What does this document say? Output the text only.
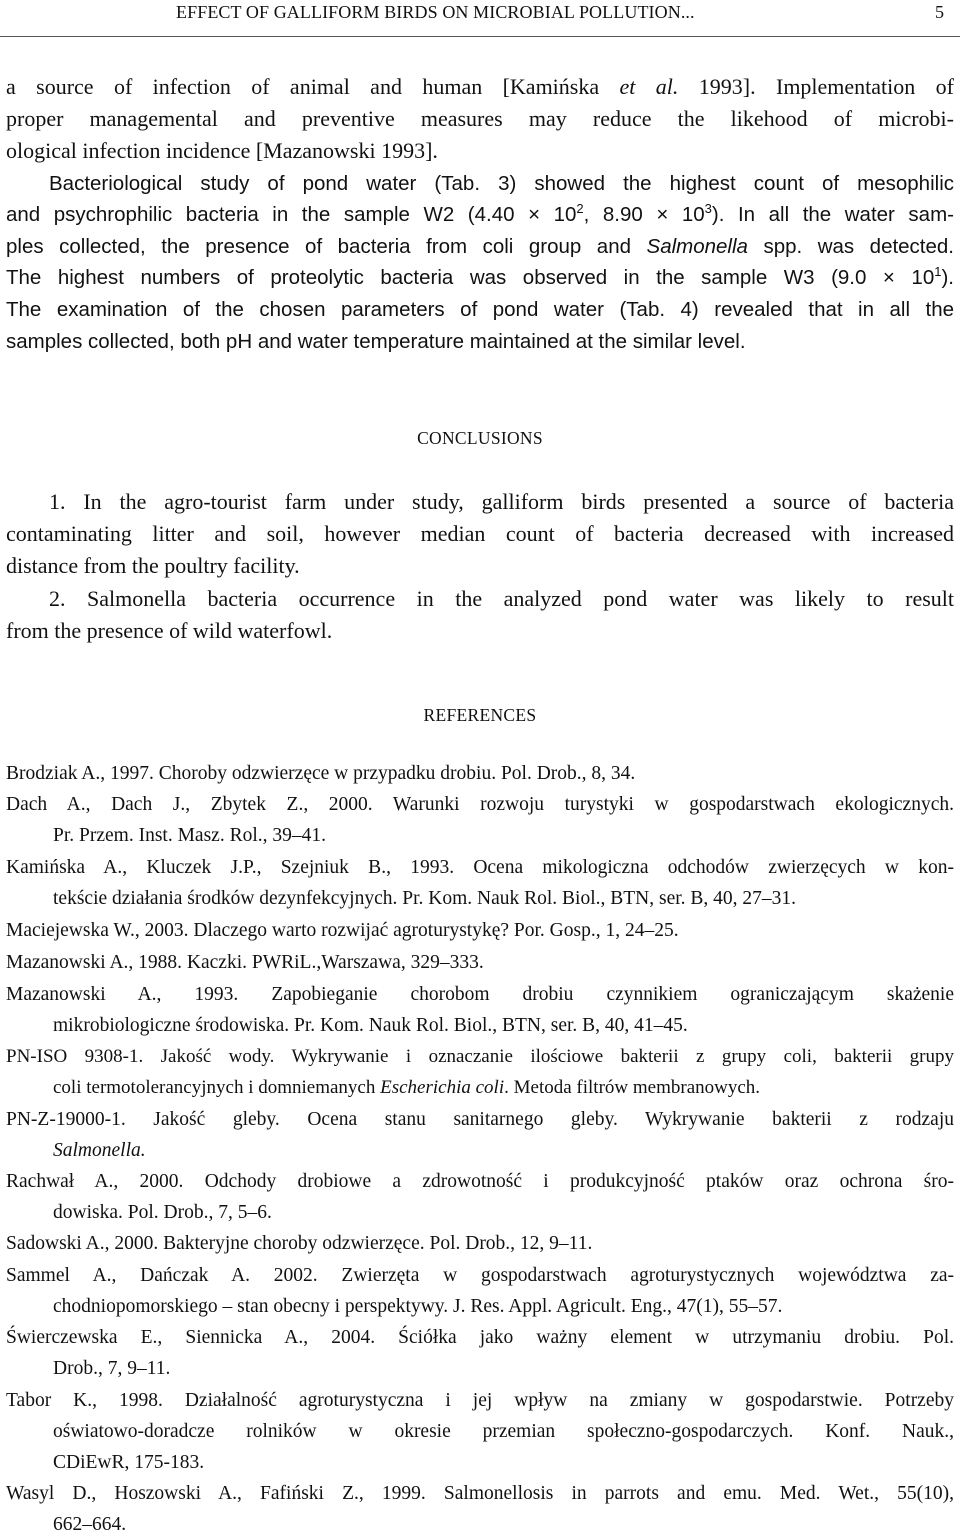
EFFECT OF GALLIFORM BIRDS ON MICROBIAL POLLUTION...	5
a source of infection of animal and human [Kamińska et al. 1993]. Implementation of
proper managemental and preventive measures may reduce the likehood of microbi-
ological infection incidence [Mazanowski 1993].
Bacteriological study of pond water (Tab. 3) showed the highest count of mesophilic
and psychrophilic bacteria in the sample W2 ($4.40 \times 10^2$, $8.90 \times 10^3$). In all the water sam-
ples collected, the presence of bacteria from coli group and Salmonella spp. was detected.
The highest numbers of proteolytic bacteria was observed in the sample W3 $(9.0 \times 10^1)$.
The examination of the chosen parameters of pond water (Tab. 4) revealed that in all the
samples collected, both pH and water temperature maintained at the similar level.
CONCLUSIONS
1. In the agro-tourist farm under study, galliform birds presented a source of bacteria
contaminating litter and soil, however median count of bacteria decreased with increased
distance from the poultry facility.
2. Salmonella bacteria occurrence in the analyzed pond water was likely to result
from the presence of wild waterfowl.
REFERENCES
Brodziak A., 1997. Choroby odzwierzęce w przypadku drobiu. Pol. Drob., 8, 34.
Dach A., Dach J., Zbytek Z., 2000. Warunki rozwoju turystyki w gospodarstwach ekologicznych.
Pr. Przem. Inst. Masz. Rol., 39–41.
Kamińska A., Kluczek J.P., Szejniuk B., 1993. Ocena mikologiczna odchodów zwierzęcych w kon-
tekście działania środków dezynfekcyjnych. Pr. Kom. Nauk Rol. Biol., BTN, ser. B, 40, 27–31.
Maciejewska W., 2003. Dlaczego warto rozwijać agroturystykę? Por. Gosp., 1, 24–25.
Mazanowski A., 1988. Kaczki. PWRiL.,Warszawa, 329–333.
Mazanowski A., 1993. Zapobieganie chorobom drobiu czynnikiem ograniczającym skażenie
mikrobiologiczne środowiska. Pr. Kom. Nauk Rol. Biol., BTN, ser. B, 40, 41–45.
PN-ISO 9308-1. Jakość wody. Wykrywanie i oznaczanie ilościowe bakterii z grupy coli, bakterii grupy
coli termotolerancyjnych i domniemanych Escherichia coli. Metoda filtrów membranowych.
PN-Z-19000-1. Jakość gleby. Ocena stanu sanitarnego gleby. Wykrywanie bakterii z rodzaju
Salmonella.
Rachwał A., 2000. Odchody drobiowe a zdrowotność i produkcyjność ptaków oraz ochrona śro-
dowiska. Pol. Drob., 7, 5–6.
Sadowski A., 2000. Bakteryjne choroby odzwierzęce. Pol. Drob., 12, 9–11.
Sammel A., Dańczak A. 2002. Zwierzęta w gospodarstwach agroturystycznych województwa za-
chodniopomorskiego – stan obecny i perspektywy. J. Res. Appl. Agricult. Eng., 47(1), 55–57.
Świerczewska E., Siennicka A., 2004. Ściółka jako ważny element w utrzymaniu drobiu. Pol.
Drob., 7, 9–11.
Tabor K., 1998. Działalność agroturystyczna i jej wpływ na zmiany w gospodarstwie. Potrzeby
oświatowo-doradcze rolników w okresie przemian społeczno-gospodarczych. Konf. Nauk.,
CDiEwR, 175-183.
Wasyl D., Hoszowski A., Fafiński Z., 1999. Salmonellosis in parrots and emu. Med. Wet., 55(10),
662–664.
